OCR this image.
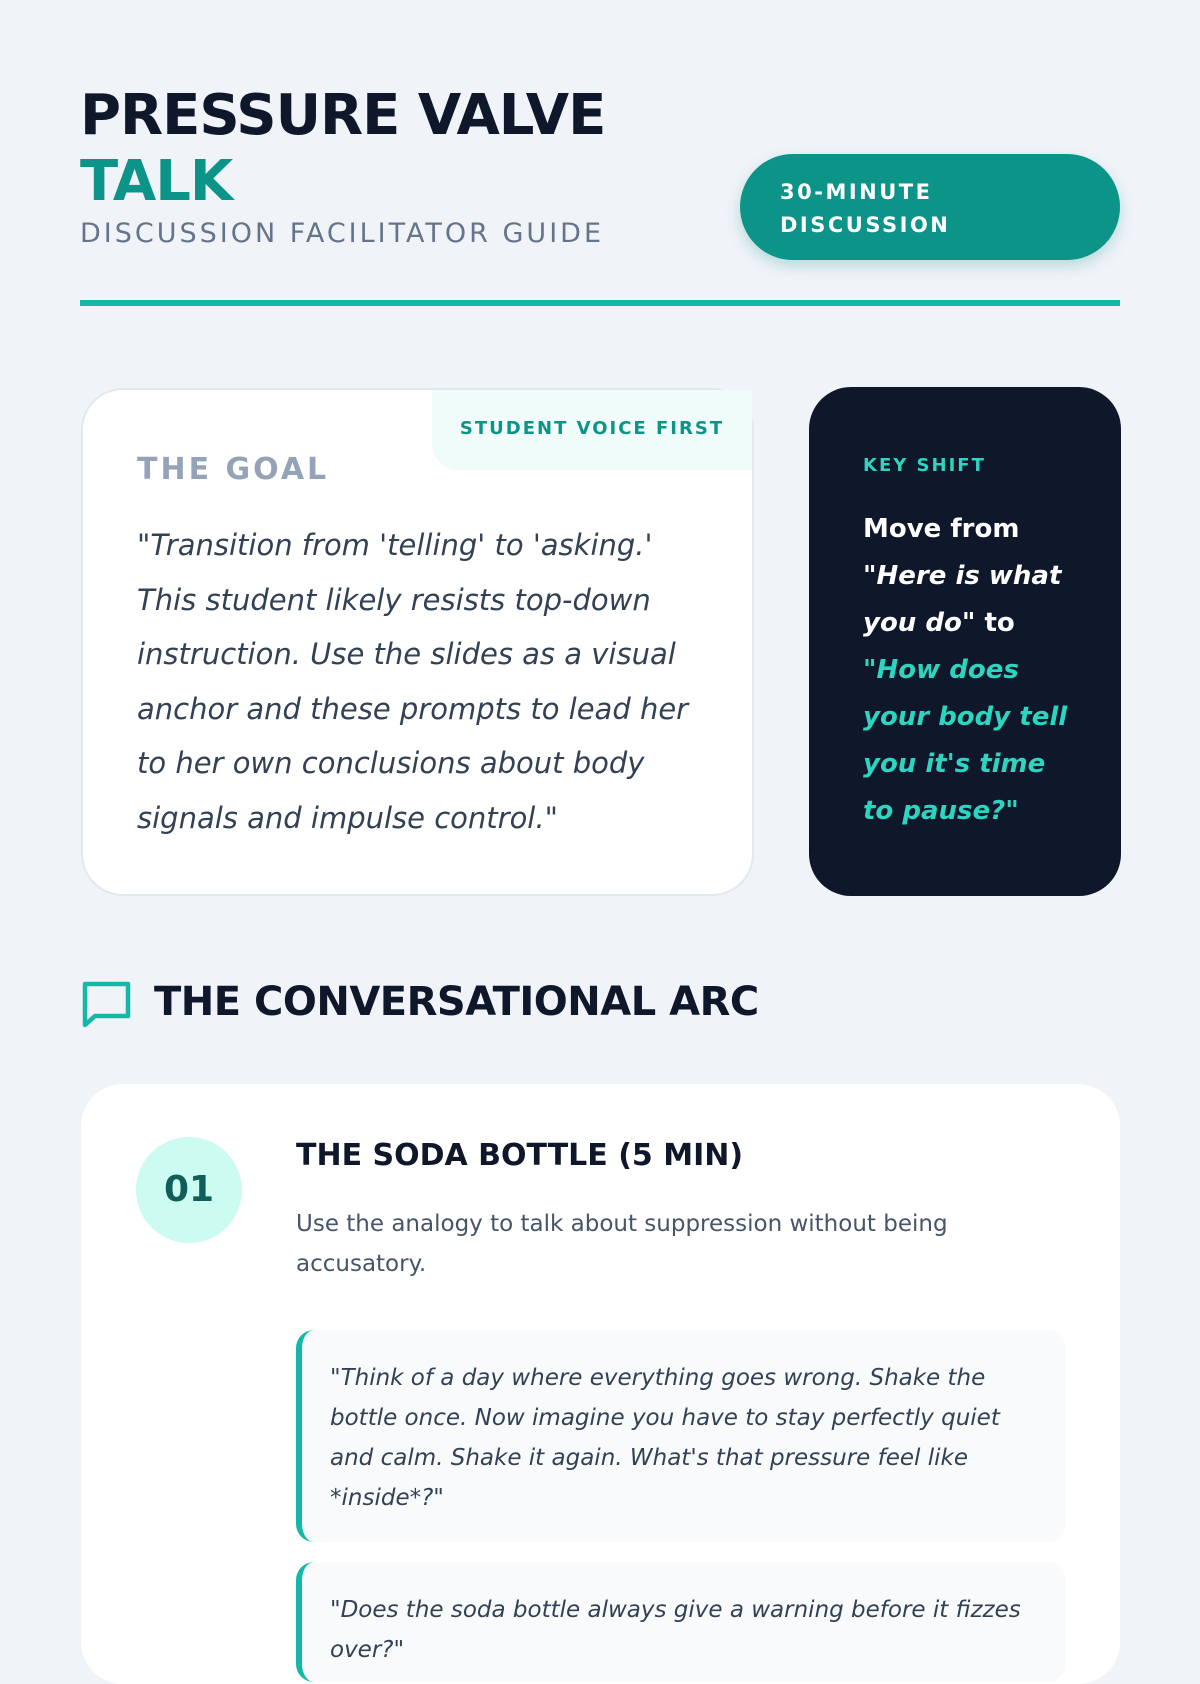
PRESSURE VALVE
TALK
DISCUSSION FACILITATOR GUIDE
30-MINUTE
DISCUSSION
STUDENT VOICE FIRST
THE GOAL
"Transition from 'telling' to 'asking.' This student likely resists top-down instruction. Use the slides as a visual anchor and these prompts to lead her to her own conclusions about body signals and impulse control."
KEY SHIFT
Move from "Here is what you do" to "How does your body tell you it's time to pause?"
THE CONVERSATIONAL ARC
01
THE SODA BOTTLE (5 MIN)
Use the analogy to talk about suppression without being accusatory.
"Think of a day where everything goes wrong. Shake the bottle once. Now imagine you have to stay perfectly quiet and calm. Shake it again. What's that pressure feel like *inside*?"
"Does the soda bottle always give a warning before it fizzes over?"
